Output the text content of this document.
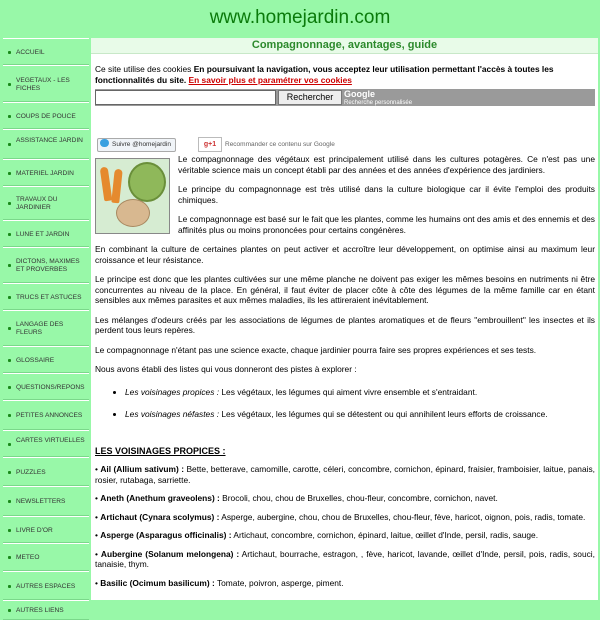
www.homejardin.com
ACCUEIL
VEGETAUX - LES FICHES
COUPS DE POUCE
ASSISTANCE JARDIN
MATERIEL JARDIN
TRAVAUX DU JARDINIER
LUNE ET JARDIN
DICTONS, MAXIMES ET PROVERBES
TRUCS ET ASTUCES
LANGAGE DES FLEURS
GLOSSAIRE
QUESTIONS/REPONS
PETITES ANNONCES
CARTES VIRTUELLES
PUZZLES
NEWSLETTERS
LIVRE D'OR
METEO
AUTRES ESPACES
AUTRES LIENS
Compagnonnage, avantages, guide
Ce site utilise des cookies En poursuivant la navigation, vous acceptez leur utilisation permettant l'accès à toutes les fonctionnalités du site. En savoir plus et paramétrer vos cookies
Rechercher	Google
Recherche personnalisée
Suivre @homejardin	g+1	Recommander ce contenu sur Google
Le compagnonnage des végétaux est principalement utilisé dans les cultures potagères. Ce n'est pas une véritable science mais un concept établi par des années et des années d'expérience des jardiniers.
Le principe du compagnonnage est très utilisé dans la culture biologique car il évite l'emploi des produits chimiques.
Le compagnonnage est basé sur le fait que les plantes, comme les humains ont des amis et des ennemis et des affinités plus ou moins prononcées pour certains congénères.
En combinant la culture de certaines plantes on peut activer et accroître leur développement, on optimise ainsi au maximum leur croissance et leur résistance.
Le principe est donc que les plantes cultivées sur une même planche ne doivent pas exiger les mêmes besoins en nutriments ni être concurrentes au niveau de la place. En général, il faut éviter de placer côte à côte des légumes de la même famille car en étant sensibles aux mêmes parasites et aux mêmes maladies, ils les attireraient inévitablement.
Les mélanges d'odeurs créés par les associations de légumes de plantes aromatiques et de fleurs "embrouillent" les insectes et ils perdent tous leurs repères.
Le compagnonnage n'étant pas une science exacte, chaque jardinier pourra faire ses propres expériences et ses tests.
Nous avons établi des listes qui vous donneront des pistes à explorer :
• Les voisinages propices : Les végétaux, les légumes qui aiment vivre ensemble et s'entraidant.
• Les voisinages néfastes : Les végétaux, les légumes qui se détestent ou qui annihilent leurs efforts de croissance.
LES VOISINAGES PROPICES :
• Ail (Allium sativum) : Bette, betterave, camomille, carotte, céleri, concombre, cornichon, épinard, fraisier, framboisier, laitue, panais, rosier, rutabaga, sarriette.
• Aneth (Anethum graveolens) : Brocoli, chou, chou de Bruxelles, chou-fleur, concombre, cornichon, navet.
• Artichaut (Cynara scolymus) : Asperge, aubergine, chou, chou de Bruxelles, chou-fleur, fève, haricot, oignon, pois, radis, tomate.
• Asperge (Asparagus officinalis) : Artichaut, concombre, cornichon, épinard, laitue, œillet d'Inde, persil, radis, sauge.
• Aubergine (Solanum melongena) : Artichaut, bourrache, estragon, , fève, haricot, lavande, œillet d'Inde, persil, pois, radis, souci, tanaisie, thym.
• Basilic (Ocimum basilicum) : Tomate, poivron, asperge, piment.
